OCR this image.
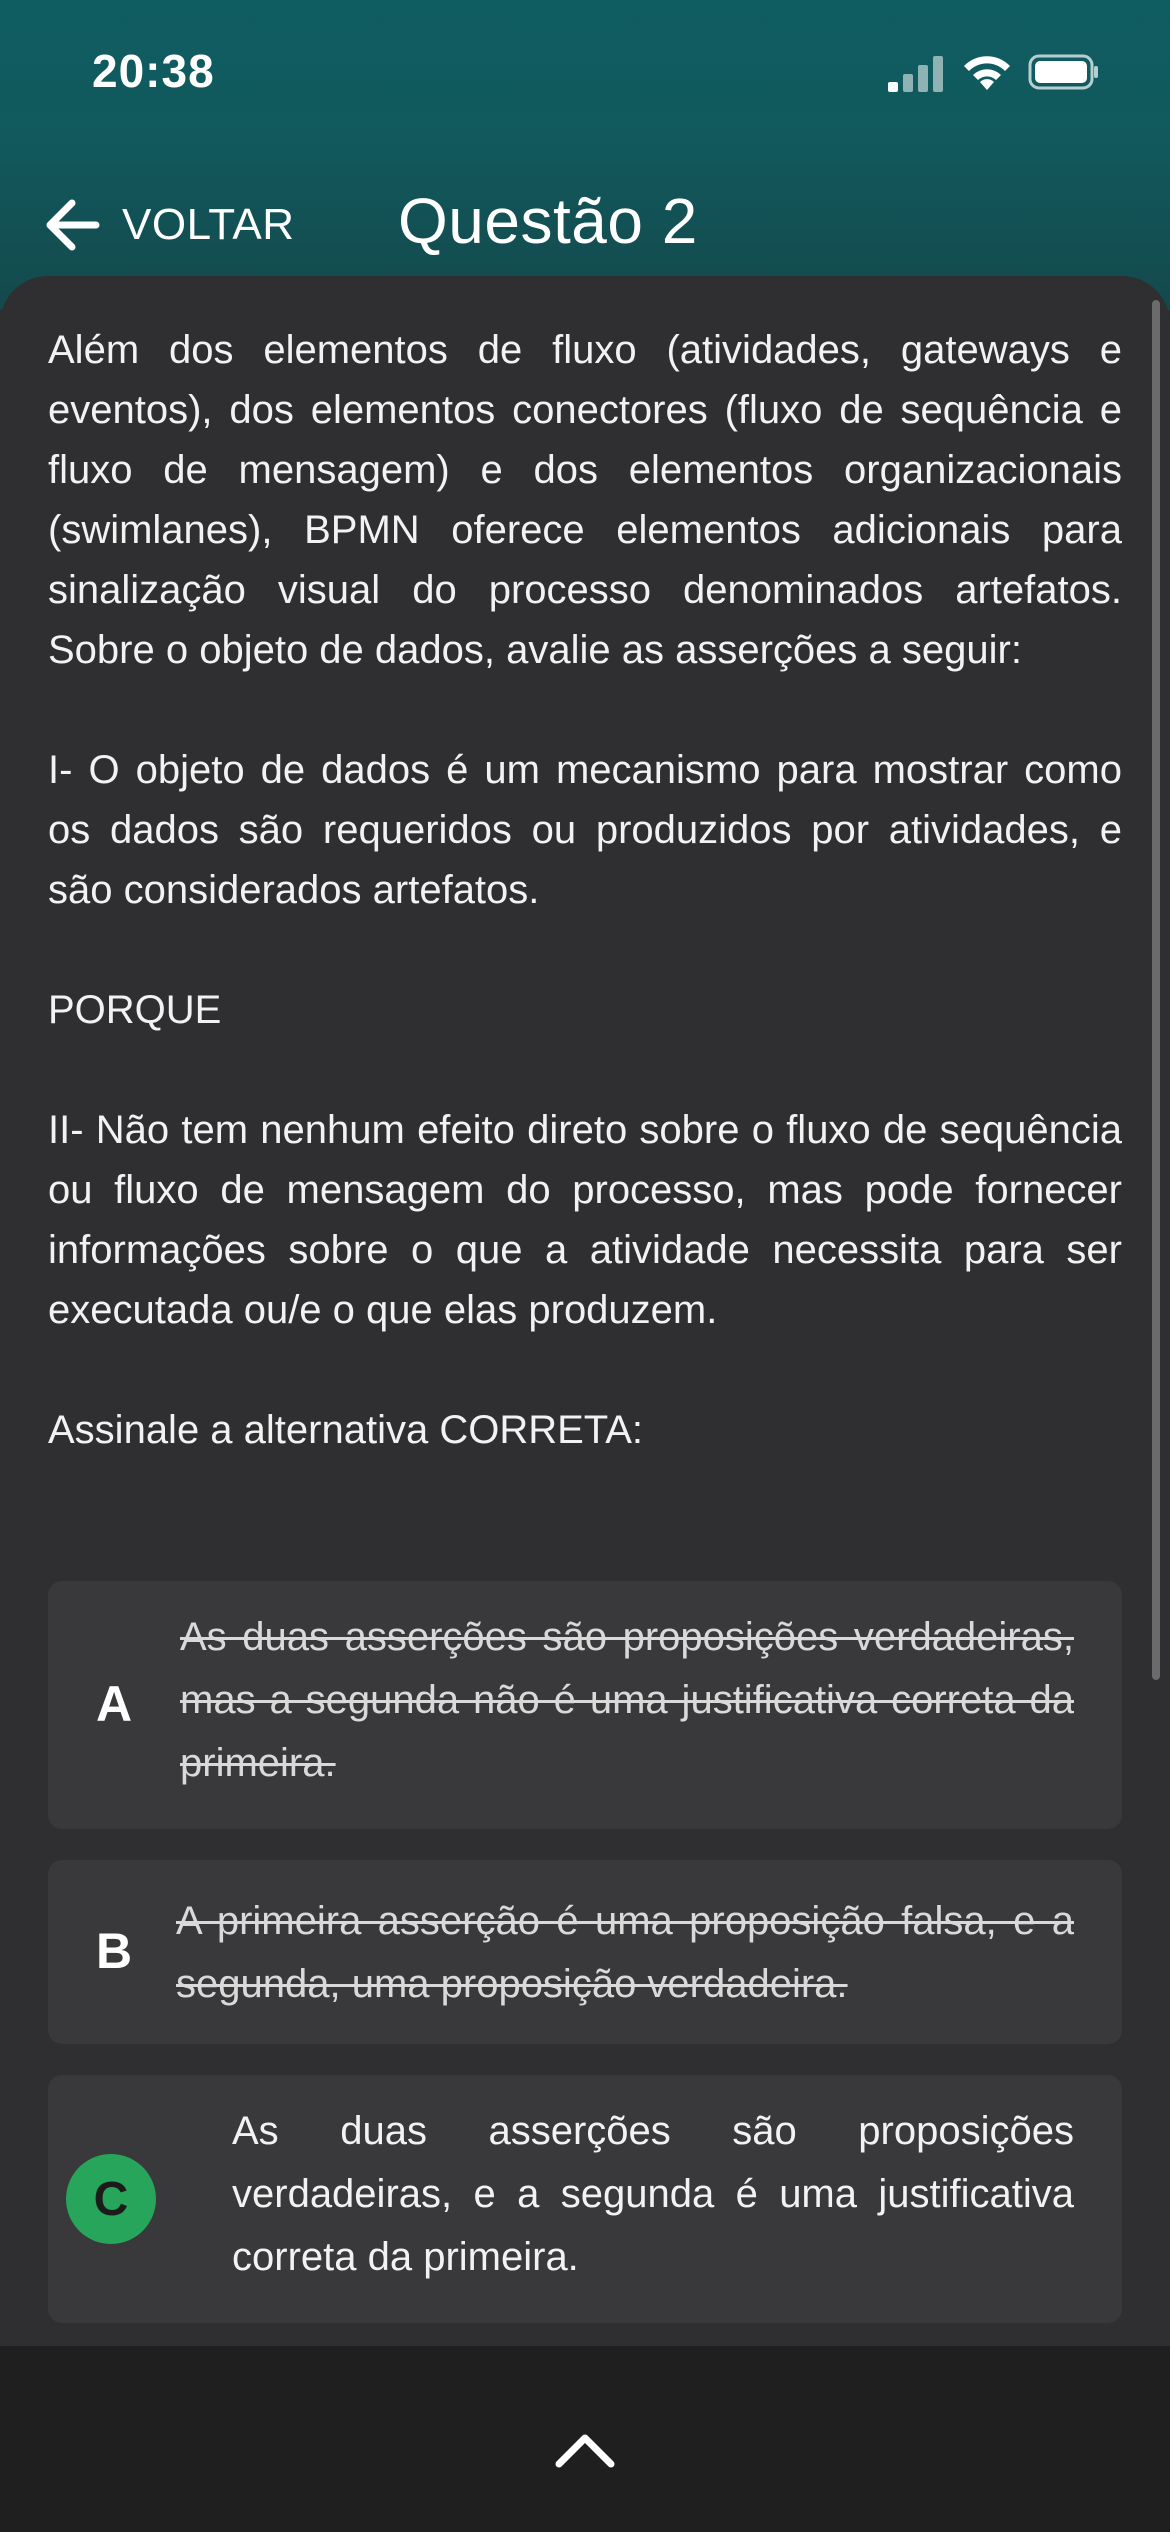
20:38
VOLTAR Questão 2

Além dos elementos de fluxo (atividades, gateways e eventos), dos elementos conectores (fluxo de sequência e fluxo de mensagem) e dos elementos organizacionais (swimlanes), BPMN oferece elementos adicionais para sinalização visual do processo denominados artefatos. Sobre o objeto de dados, avalie as asserções a seguir:

I- O objeto de dados é um mecanismo para mostrar como os dados são requeridos ou produzidos por atividades, e são considerados artefatos.

PORQUE

II- Não tem nenhum efeito direto sobre o fluxo de sequência ou fluxo de mensagem do processo, mas pode fornecer informações sobre o que a atividade necessita para ser executada ou/e o que elas produzem.

Assinale a alternativa CORRETA:

A
As duas asserções são proposições verdadeiras, mas a segunda não é uma justificativa correta da primeira.
B
A primeira asserção é uma proposição falsa, e a segunda, uma proposição verdadeira.
C
As duas asserções são proposições verdadeiras, e a segunda é uma justificativa correta da primeira.
